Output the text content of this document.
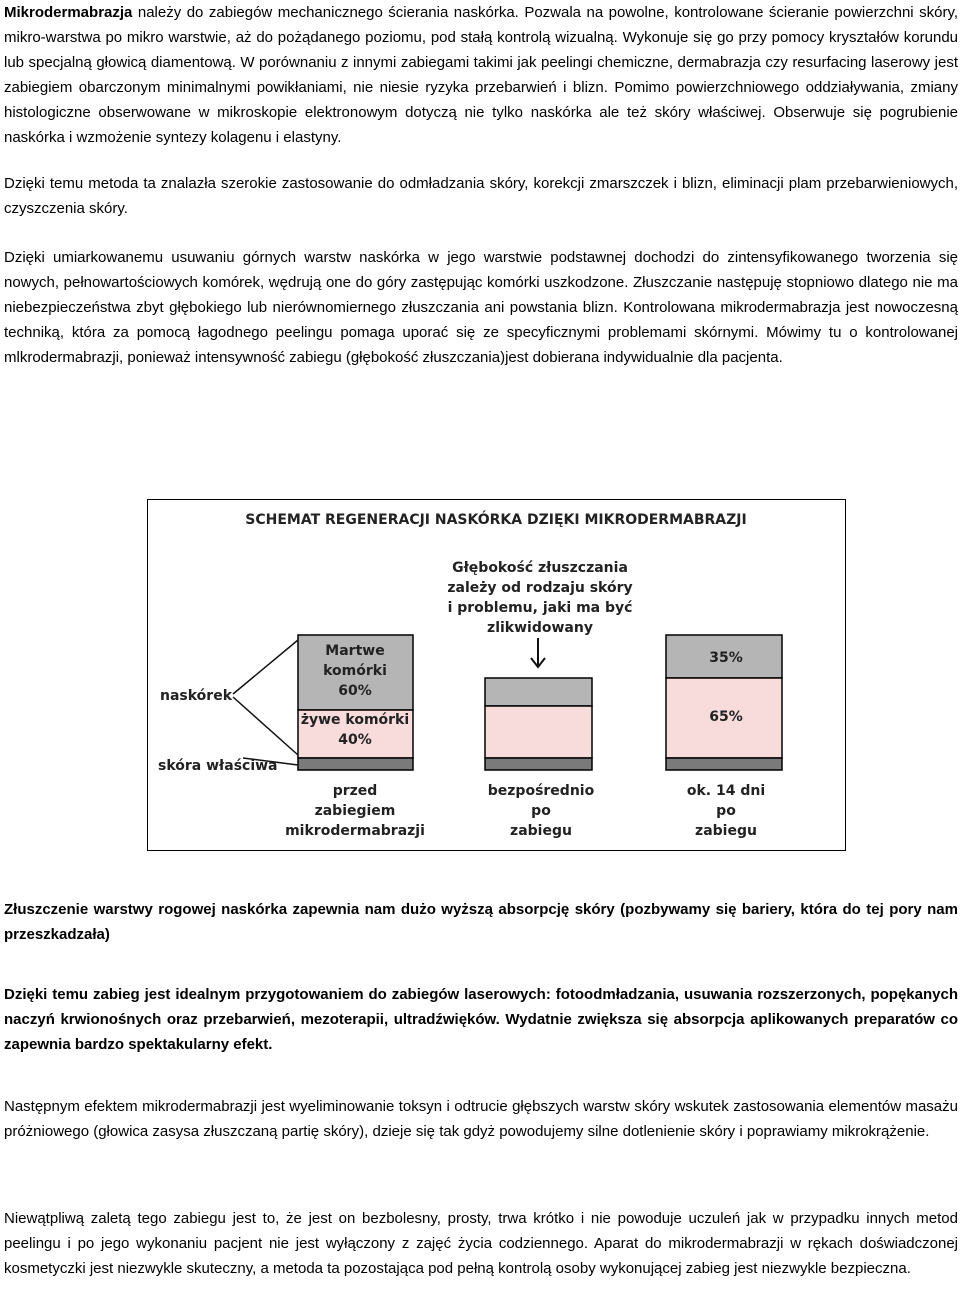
Mikrodermabrazja należy do zabiegów mechanicznego ścierania naskórka. Pozwala na powolne, kontrolowane ścieranie powierzchni skóry, mikro-warstwa po mikro warstwie, aż do pożądanego poziomu, pod stałą kontrolą wizualną. Wykonuje się go przy pomocy kryształów korundu lub specjalną głowicą diamentową. W porównaniu z innymi zabiegami takimi jak peelingi chemiczne, dermabrazja czy resurfacing laserowy jest zabiegiem obarczonym minimalnymi powikłaniami, nie niesie ryzyka przebarwień i blizn. Pomimo powierzchniowego oddziaływania, zmiany histologiczne obserwowane w mikroskopie elektronowym dotyczą nie tylko naskórka ale też skóry właściwej. Obserwuje się pogrubienie naskórka i wzmożenie syntezy kolagenu i elastyny.

Dzięki temu metoda ta znalazła szerokie zastosowanie do odmładzania skóry, korekcji zmarszczek i blizn, eliminacji plam przebarwieniowych, czyszczenia skóry.

Dzięki umiarkowanemu usuwaniu górnych warstw naskórka w jego warstwie podstawnej dochodzi do zintensyfikowanego tworzenia się nowych, pełnowartościowych komórek, wędrują one do góry zastępując komórki uszkodzone. Złuszczanie następuję stopniowo dlatego nie ma niebezpieczeństwa zbyt głębokiego lub nierównomiernego złuszczania ani powstania blizn. Kontrolowana mikrodermabrazja jest nowoczesną techniką, która za pomocą łagodnego peelingu pomaga uporać się ze specyficznymi problemami skórnymi. Mówimy tu o kontrolowanej mlkrodermabrazji, ponieważ intensywność zabiegu (głębokość złuszczania)jest dobierana indywidualnie dla pacjenta.

SCHEMAT REGENERACJI NASKÓRKA DZIĘKI MIKRODERMABRAZJI
Głębokość złuszczania
zależy od rodzaju skóry
i problemu, jaki ma być
zlikwidowany
Martwe
komórki
60%
żywe komórki
40%
35%
65%
naskórek
skóra właściwa
przed
zabiegiem
mikrodermabrazji
bezpośrednio
po
zabiegu
ok. 14 dni
po
zabiegu

Złuszczenie warstwy rogowej naskórka zapewnia nam dużo wyższą absorpcję skóry (pozbywamy się bariery, która do tej pory nam przeszkadzała)

Dzięki temu zabieg jest idealnym przygotowaniem do zabiegów laserowych: fotoodmładzania, usuwania rozszerzonych, popękanych naczyń krwionośnych oraz przebarwień, mezoterapii, ultradźwięków. Wydatnie zwiększa się absorpcja aplikowanych preparatów co zapewnia bardzo spektakularny efekt.

Następnym efektem mikrodermabrazji jest wyeliminowanie toksyn i odtrucie głębszych warstw skóry wskutek zastosowania elementów masażu próżniowego (głowica zasysa złuszczaną partię skóry), dzieje się tak gdyż powodujemy silne dotlenienie skóry i poprawiamy mikrokrążenie.

Niewątpliwą zaletą tego zabiegu jest to, że jest on bezbolesny, prosty, trwa krótko i nie powoduje uczuleń jak w przypadku innych metod peelingu i po jego wykonaniu pacjent nie jest wyłączony z zajęć życia codziennego. Aparat do mikrodermabrazji w rękach doświadczonej kosmetyczki jest niezwykle skuteczny, a metoda ta pozostająca pod pełną kontrolą osoby wykonującej zabieg jest niezwykle bezpieczna.
